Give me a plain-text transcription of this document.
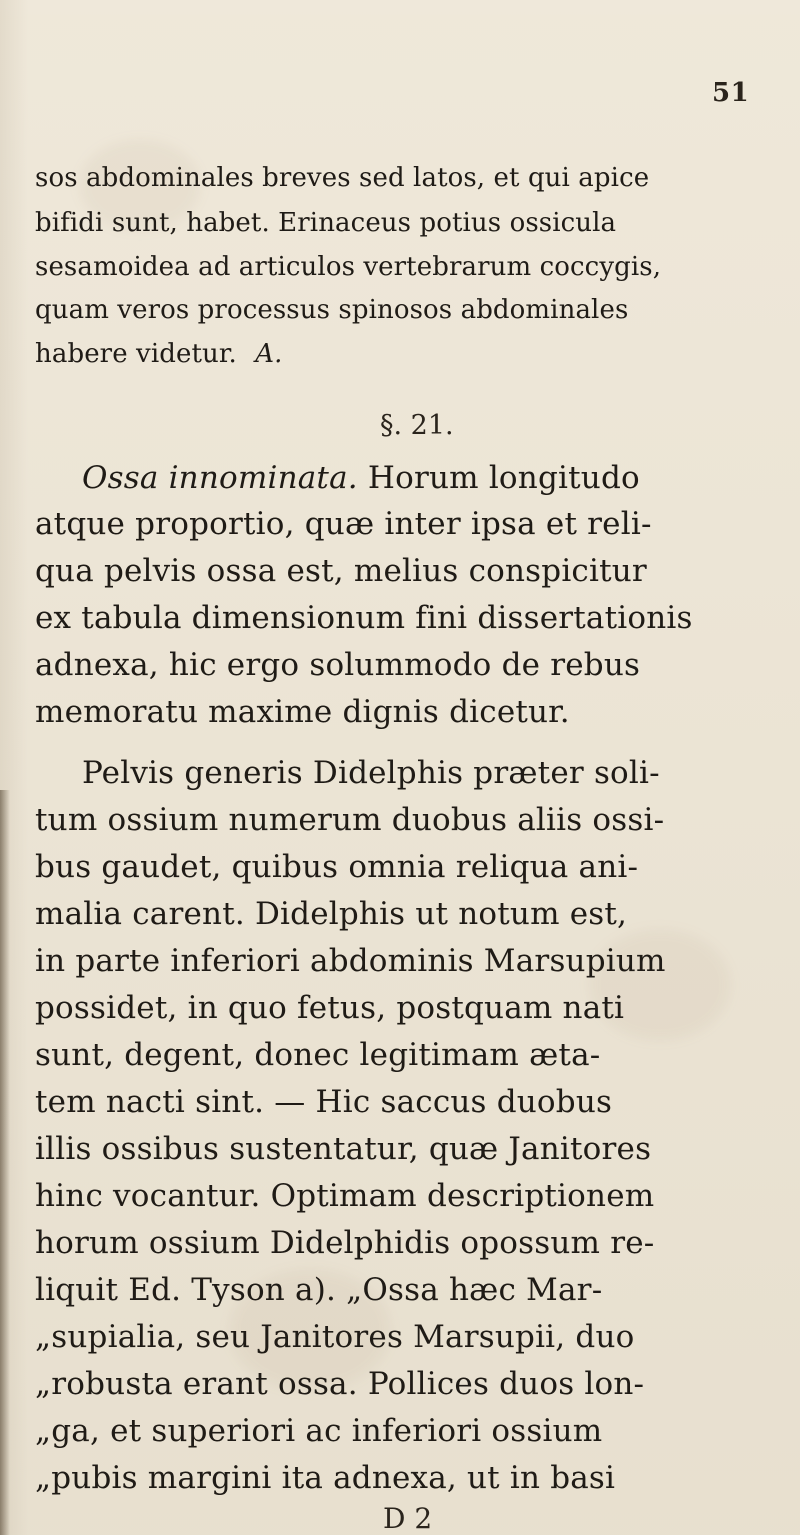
51
sos abdominales breves sed latos, et qui apice
bifidi sunt, habet. Erinaceus potius ossicula
sesamoidea ad articulos vertebrarum coccygis,
quam veros processus spinosos abdominales
habere videtur. A.
§. 21.
Ossa innominata. Horum longitudo
atque proportio, quæ inter ipsa et reli-
qua pelvis ossa est, melius conspicitur
ex tabula dimensionum fini dissertationis
adnexa, hic ergo solummodo de rebus
memoratu maxime dignis dicetur.
Pelvis generis Didelphis præter soli-
tum ossium numerum duobus aliis ossi-
bus gaudet, quibus omnia reliqua ani-
malia carent. Didelphis ut notum est,
in parte inferiori abdominis Marsupium
possidet, in quo fetus, postquam nati
sunt, degent, donec legitimam æta-
tem nacti sint. — Hic saccus duobus
illis ossibus sustentatur, quæ Janitores
hinc vocantur. Optimam descriptionem
horum ossium Didelphidis opossum re-
liquit Ed. Tyson a). „Ossa hæc Mar-
„supialia, seu Janitores Marsupii, duo
„robusta erant ossa. Pollices duos lon-
„ga, et superiori ac inferiori ossium
„pubis margini ita adnexa, ut in basi
D 2
